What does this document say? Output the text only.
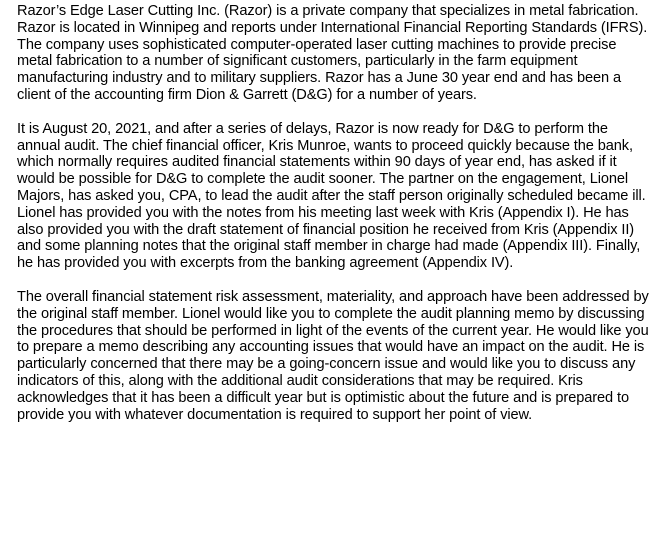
Razor’s Edge Laser Cutting Inc. (Razor) is a private company that specializes in metal fabrication. Razor is located in Winnipeg and reports under International Financial Reporting Standards (IFRS). The company uses sophisticated computer-operated laser cutting machines to provide precise metal fabrication to a number of significant customers, particularly in the farm equipment manufacturing industry and to military suppliers. Razor has a June 30 year end and has been a client of the accounting firm Dion & Garrett (D&G) for a number of years.

It is August 20, 2021, and after a series of delays, Razor is now ready for D&G to perform the annual audit. The chief financial officer, Kris Munroe, wants to proceed quickly because the bank, which normally requires audited financial statements within 90 days of year end, has asked if it would be possible for D&G to complete the audit sooner. The partner on the engagement, Lionel Majors, has asked you, CPA, to lead the audit after the staff person originally scheduled became ill. Lionel has provided you with the notes from his meeting last week with Kris (Appendix I). He has also provided you with the draft statement of financial position he received from Kris (Appendix II) and some planning notes that the original staff member in charge had made (Appendix III). Finally, he has provided you with excerpts from the banking agreement (Appendix IV).

The overall financial statement risk assessment, materiality, and approach have been addressed by the original staff member. Lionel would like you to complete the audit planning memo by discussing the procedures that should be performed in light of the events of the current year. He would like you to prepare a memo describing any accounting issues that would have an impact on the audit. He is particularly concerned that there may be a going-concern issue and would like you to discuss any indicators of this, along with the additional audit considerations that may be required. Kris acknowledges that it has been a difficult year but is optimistic about the future and is prepared to provide you with whatever documentation is required to support her point of view.
